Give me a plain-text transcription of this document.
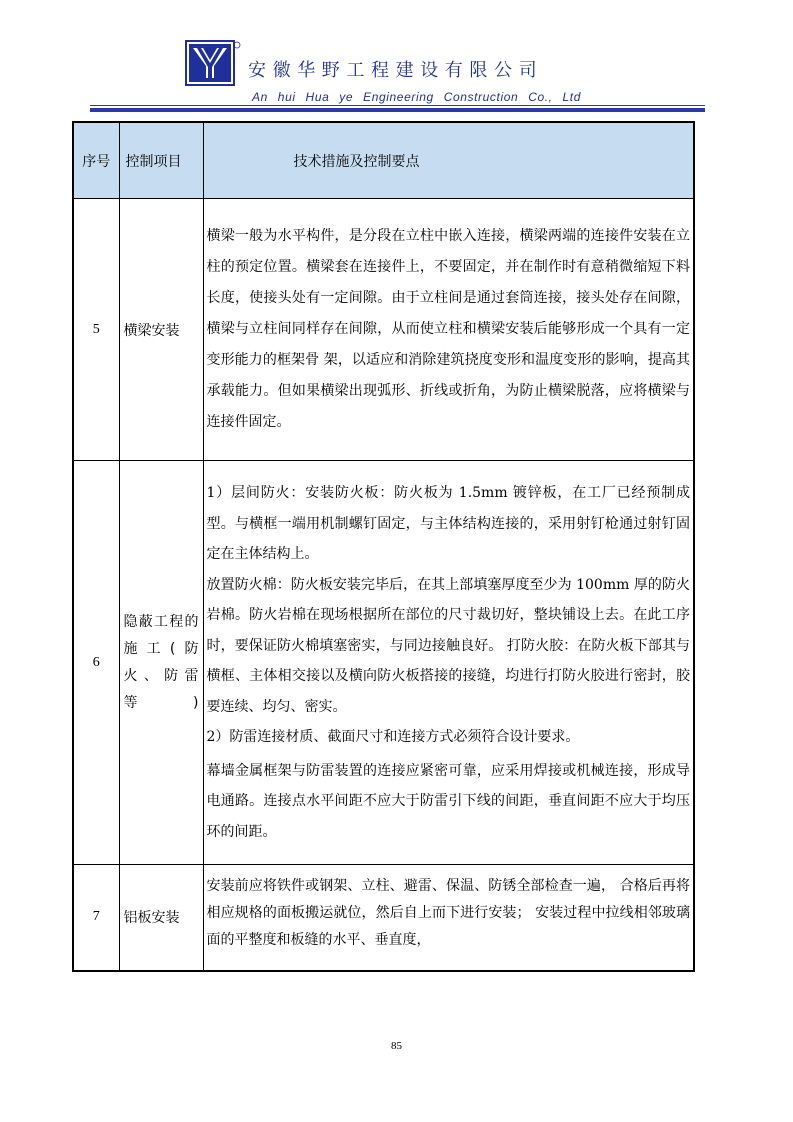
安徽华野工程建设有限公司
An hui Hua ye Engineering Construction Co., Ltd
序号	控制项目	技术措施及控制要点
5	横梁安装	横梁一般为水平构件，是分段在立柱中嵌入连接，横梁两端的连接件安装在立柱的预定位置。横梁套在连接件上，不要固定，并在制作时有意稍微缩短下料长度，使接头处有一定间隙。由于立柱间是通过套筒连接，接头处存在间隙，横梁与立柱间同样存在间隙，从而使立柱和横梁安装后能够形成一个具有一定变形能力的框架骨 架，以适应和消除建筑挠度变形和温度变形的影响，提高其承载能力。但如果横梁出现弧形、折线或折角，为防止横梁脱落，应将横梁与连接件固定。

6	隐蔽工程的施工(防火、防雷等)	1）层间防火：安装防火板：防火板为 1.5mm 镀锌板，在工厂已经预制成型。与横框一端用机制螺钉固定，与主体结构连接的，采用射钉枪通过射钉固定在主体结构上。

放置防火棉：防火板安装完毕后，在其上部填塞厚度至少为 100mm 厚的防火岩棉。防火岩棉在现场根据所在部位的尺寸裁切好，整块铺设上去。在此工序时，要保证防火棉填塞密实，与同边接触良好。 打防火胶：在防火板下部其与横框、主体相交接以及横向防火板搭接的接缝，均进行打防火胶进行密封，胶要连续、均匀、密实。

2）防雷连接材质、截面尺寸和连接方式必须符合设计要求。

幕墙金属框架与防雷装置的连接应紧密可靠，应采用焊接或机械连接，形成导电通路。连接点水平间距不应大于防雷引下线的间距，垂直间距不应大于均压环的间距。

7	铝板安装	安装前应将铁件或钢架、立柱、避雷、保温、防锈全部检查一遍， 合格后再将相应规格的面板搬运就位，然后自上而下进行安装； 安装过程中拉线相邻玻璃面的平整度和板缝的水平、垂直度，

85
